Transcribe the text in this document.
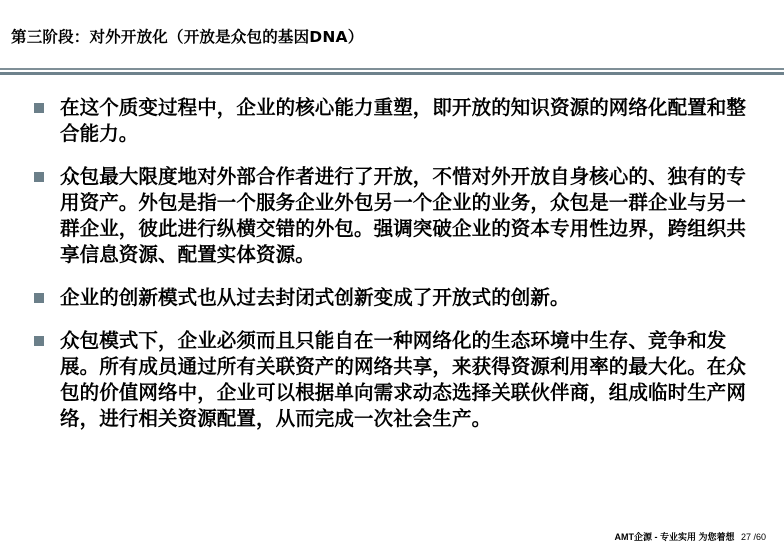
第三阶段：对外开放化（开放是众包的基因DNA）
在这个质变过程中，企业的核心能力重塑，即开放的知识资源的网络化配置和整合能力。
众包最大限度地对外部合作者进行了开放，不惜对外开放自身核心的、独有的专用资产。外包是指一个服务企业外包另一个企业的业务，众包是一群企业与另一群企业，彼此进行纵横交错的外包。强调突破企业的资本专用性边界，跨组织共享信息资源、配置实体资源。
企业的创新模式也从过去封闭式创新变成了开放式的创新。
众包模式下，企业必须而且只能自在一种网络化的生态环境中生存、竞争和发展。所有成员通过所有关联资产的网络共享，来获得资源利用率的最大化。在众包的价值网络中，企业可以根据单向需求动态选择关联伙伴商，组成临时生产网络，进行相关资源配置，从而完成一次社会生产。
AMT企源 - 专业实用 为您着想 27 /60
